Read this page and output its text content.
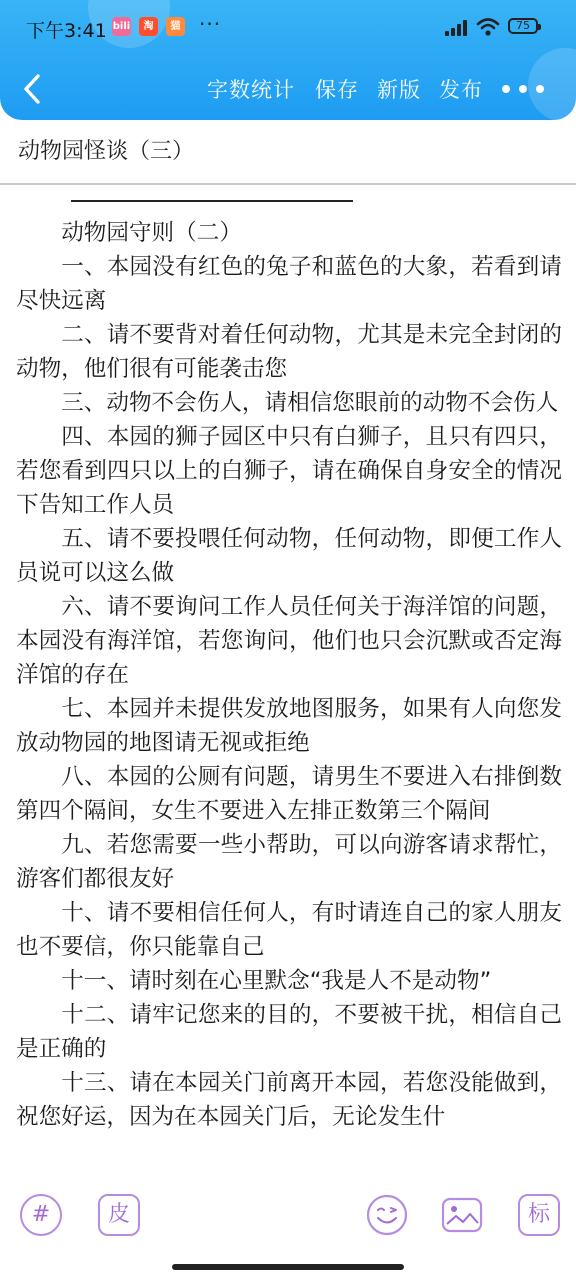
下午3:41 bili	淘	猫 ···	75
字数统计 保存 新版 发布
动物园怪谈（三）

动物园守则（二）

一、本园没有红色的兔子和蓝色的大象，若看到请尽快远离

二、请不要背对着任何动物，尤其是未完全封闭的动物，他们很有可能袭击您

三、动物不会伤人，请相信您眼前的动物不会伤人

四、本园的狮子园区中只有白狮子，且只有四只，若您看到四只以上的白狮子，请在确保自身安全的情况下告知工作人员

五、请不要投喂任何动物，任何动物，即便工作人员说可以这么做

六、请不要询问工作人员任何关于海洋馆的问题，本园没有海洋馆，若您询问，他们也只会沉默或否定海洋馆的存在

七、本园并未提供发放地图服务，如果有人向您发放动物园的地图请无视或拒绝

八、本园的公厕有问题，请男生不要进入右排倒数第四个隔间，女生不要进入左排正数第三个隔间

九、若您需要一些小帮助，可以向游客请求帮忙，游客们都很友好

十、请不要相信任何人，有时请连自己的家人朋友也不要信，你只能靠自己

十一、请时刻在心里默念“我是人不是动物”

十二、请牢记您来的目的，不要被干扰，相信自己是正确的

十三、请在本园关门前离开本园，若您没能做到，祝您好运，因为在本园关门后，无论发生什

#	皮	标
